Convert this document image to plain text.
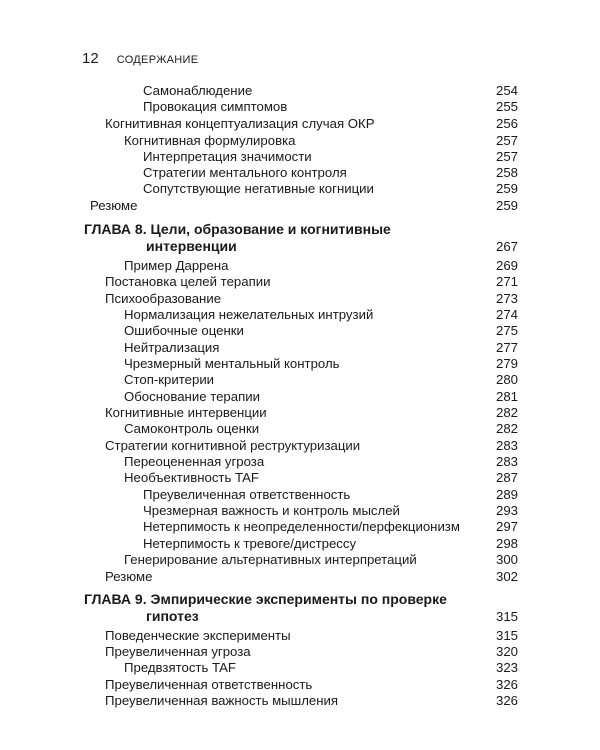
12 СОДЕРЖАНИЕ
Самонаблюдение	254
Провокация симптомов	255
Когнитивная концептуализация случая ОКР	256
Когнитивная формулировка	257
Интерпретация значимости	257
Стратегии ментального контроля	258
Сопутствующие негативные когниции	259
Резюме	259
ГЛАВА 8. Цели, образование и когнитивные
интервенции	267
Пример Даррена	269
Постановка целей терапии	271
Психообразование	273
Нормализация нежелательных интрузий	274
Ошибочные оценки	275
Нейтрализация	277
Чрезмерный ментальный контроль	279
Стоп-критерии	280
Обоснование терапии	281
Когнитивные интервенции	282
Самоконтроль оценки	282
Стратегии когнитивной реструктуризации	283
Переоцененная угроза	283
Необъективность TAF	287
Преувеличенная ответственность	289
Чрезмерная важность и контроль мыслей	293
Нетерпимость к неопределенности/перфекционизм	297
Нетерпимость к тревоге/дистрессу	298
Генерирование альтернативных интерпретаций	300
Резюме	302
ГЛАВА 9. Эмпирические эксперименты по проверке
гипотез	315
Поведенческие эксперименты	315
Преувеличенная угроза	320
Предвзятость TAF	323
Преувеличенная ответственность	326
Преувеличенная важность мышления	326
